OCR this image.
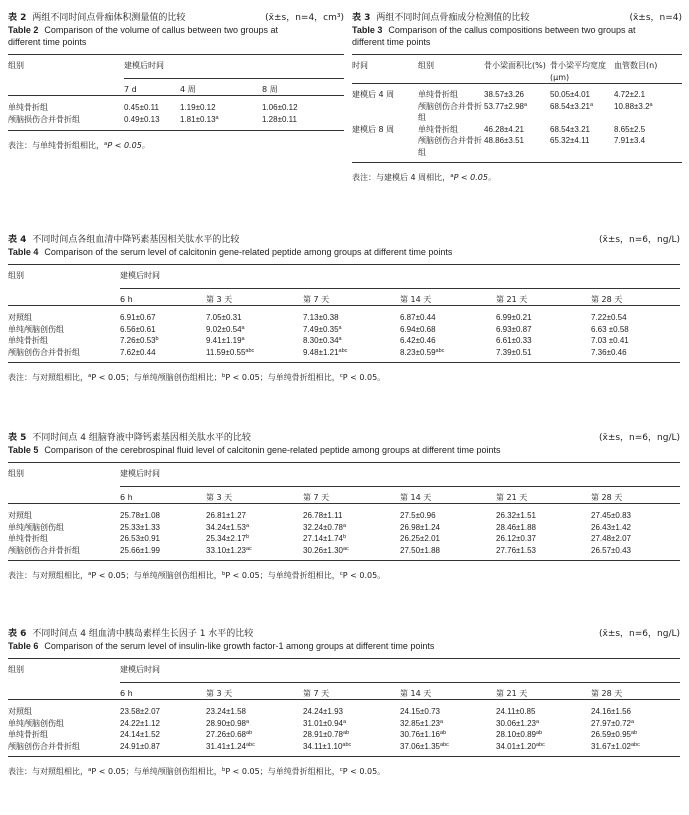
表 2 两组不同时间点骨痂体积测量值的比较	(x̄±s，n=4，cm³)
Table 2 Comparison of the volume of callus between two groups at different time points
组别	建模后时间		

	7 d	4 周	8 周

单纯骨折组	0.45±0.11	1.19±0.12	1.06±0.12
颅脑损伤合并骨折组	0.49±0.13	1.81±0.13$^a$	1.28±0.11
表注：与单纯骨折组相比，$^a$P < 0.05。
表 3 两组不同时间点骨痂成分检测值的比较	(x̄±s，n=4)
Table 3 Comparison of the callus compositions between two groups at different time points
时间	组别	骨小梁面积比(%)	骨小梁平均宽度(μm)	血管数目(n)

建模后 4 周	单纯骨折组	38.57±3.26	50.05±4.01	4.72±2.1
	颅脑创伤合并骨折组	53.77±2.98$^a$	68.54±3.21$^a$	10.88±3.2$^a$
建模后 8 周	单纯骨折组	46.28±4.21	68.54±3.21	8.65±2.5
	颅脑创伤合并骨折组	48.86±3.51	65.32±4.11	7.91±3.4
表注：与建模后 4 周相比，$^a$P < 0.05。
表 4 不同时间点各组血清中降钙素基因相关肽水平的比较	(x̄±s，n=6，ng/L)
Table 4 Comparison of the serum level of calcitonin gene-related peptide among groups at different time points
组别	建模后时间					

	6 h	第 3 天	第 7 天	第 14 天	第 21 天	第 28 天

对照组	6.91±0.67	7.05±0.31	7.13±0.38	6.87±0.44	6.99±0.21	7.22±0.54
单纯颅脑创伤组	6.56±0.61	9.02±0.54$^a$	7.49±0.35$^a$	6.94±0.68	6.93±0.87	6.63 ±0.58
单纯骨折组	7.26±0.53$^b$	9.41±1.19$^a$	8.30±0.34$^a$	6.42±0.46	6.61±0.33	7.03 ±0.41
颅脑创伤合并骨折组	7.62±0.44	11.59±0.55$^{abc}$	9.48±1.21$^{abc}$	8.23±0.59$^{abc}$	7.39±0.51	7.36±0.46
表注：与对照组相比，$^a$P < 0.05；与单纯颅脑创伤组相比；$^b$P < 0.05；与单纯骨折组相比，$^c$P < 0.05。
表 5 不同时间点 4 组脑脊液中降钙素基因相关肽水平的比较	(x̄±s，n=6，ng/L)
Table 5 Comparison of the cerebrospinal fluid level of calcitonin gene-related peptide among groups at different time points
组别	建模后时间					

	6 h	第 3 天	第 7 天	第 14 天	第 21 天	第 28 天

对照组	25.78±1.08	26.81±1.27	26.78±1.11	27.5±0.96	26.32±1.51	27.45±0.83
单纯颅脑创伤组	25.33±1.33	34.24±1.53$^a$	32.24±0.78$^a$	26.98±1.24	28.46±1.88	26.43±1.42
单纯骨折组	26.53±0.91	25.34±2.17$^b$	27.14±1.74$^b$	26.25±2.01	26.12±0.37	27.48±2.07
颅脑创伤合并骨折组	25.66±1.99	33.10±1.23$^{ac}$	30.26±1.30$^{ac}$	27.50±1.88	27.76±1.53	26.57±0.43
表注：与对照组相比，$^a$P < 0.05；与单纯颅脑创伤组相比，$^b$P < 0.05；与单纯骨折组相比，$^c$P < 0.05。
表 6 不同时间点 4 组血清中胰岛素样生长因子 1 水平的比较	(x̄±s，n=6，ng/L)
Table 6 Comparison of the serum level of insulin-like growth factor-1 among groups at different time points
组别	建模后时间					

	6 h	第 3 天	第 7 天	第 14 天	第 21 天	第 28 天

对照组	23.58±2.07	23.24±1.58	24.24±1.93	24.15±0.73	24.11±0.85	24.16±1.56
单纯颅脑创伤组	24.22±1.12	28.90±0.98$^a$	31.01±0.94$^a$	32.85±1.23$^a$	30.06±1.23$^a$	27.97±0.72$^a$
单纯骨折组	24.14±1.52	27.26±0.68$^{ab}$	28.91±0.78$^{ab}$	30.76±1.16$^{ab}$	28.10±0.89$^{ab}$	26.59±0.95$^{ab}$
颅脑创伤合并骨折组	24.91±0.87	31.41±1.24$^{abc}$	34.11±1.10$^{abc}$	37.06±1.35$^{abc}$	34.01±1.20$^{abc}$	31.67±1.02$^{abc}$
表注：与对照组相比，$^a$P < 0.05；与单纯颅脑创伤组相比，$^b$P < 0.05；与单纯骨折组相比，$^c$P < 0.05。
